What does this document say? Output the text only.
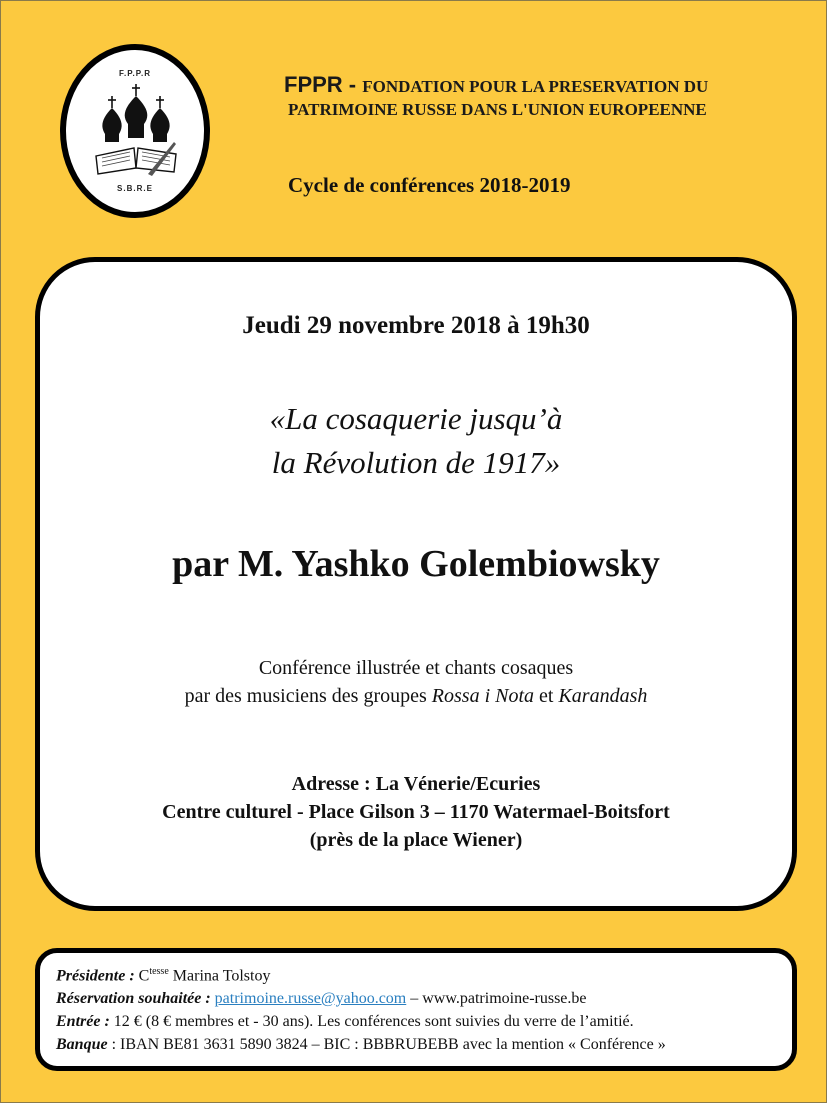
F.P.P.R
S.B.R.E
FPPR - FONDATION POUR LA PRESERVATION DU
PATRIMOINE RUSSE DANS L'UNION EUROPEENNE
Cycle de conférences 2018-2019
Jeudi 29 novembre 2018 à 19h30
«La cosaquerie jusqu’à
la Révolution de 1917»
par M. Yashko Golembiowsky
Conférence illustrée et chants cosaques
par des musiciens des groupes Rossa i Nota et Karandash
Adresse : La Vénerie/Ecuries
Centre culturel - Place Gilson 3 – 1170 Watermael-Boitsfort
(près de la place Wiener)
Présidente : $C^{tesse}$ Marina Tolstoy
Réservation souhaitée : patrimoine.russe@yahoo.com – www.patrimoine-russe.be
Entrée : 12 € (8 € membres et - 30 ans). Les conférences sont suivies du verre de l’amitié.
Banque : IBAN BE81 3631 5890 3824 – BIC : BBBRUBEBB avec la mention « Conférence »
